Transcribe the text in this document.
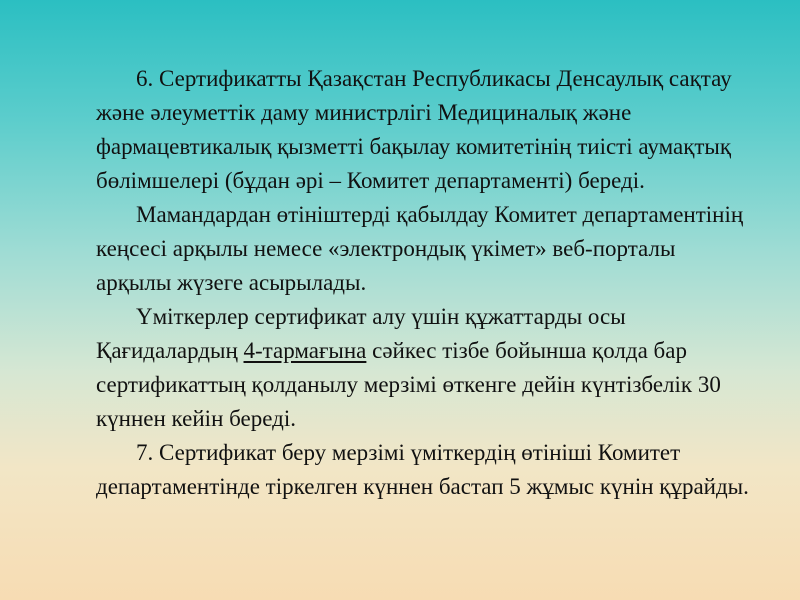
6. Сертификатты Қазақстан Республикасы Денсаулық сақтау және әлеуметтік даму министрлігі Медициналық және фармацевтикалық қызметті бақылау комитетінің тиісті аумақтық бөлімшелері (бұдан әрі – Комитет департаменті) береді.

Мамандардан өтініштерді қабылдау Комитет департаментінің кеңсесі арқылы немесе «электрондық үкімет» веб-порталы арқылы жүзеге асырылады.

Үміткерлер сертификат алу үшін құжаттарды осы Қағидалардың 4-тармағына сәйкес тізбе бойынша қолда бар сертификаттың қолданылу мерзімі өткенге дейін күнтізбелік 30 күннен кейін береді.

7. Сертификат беру мерзімі үміткердің өтініші Комитет департаментінде тіркелген күннен бастап 5 жұмыс күнін құрайды.
